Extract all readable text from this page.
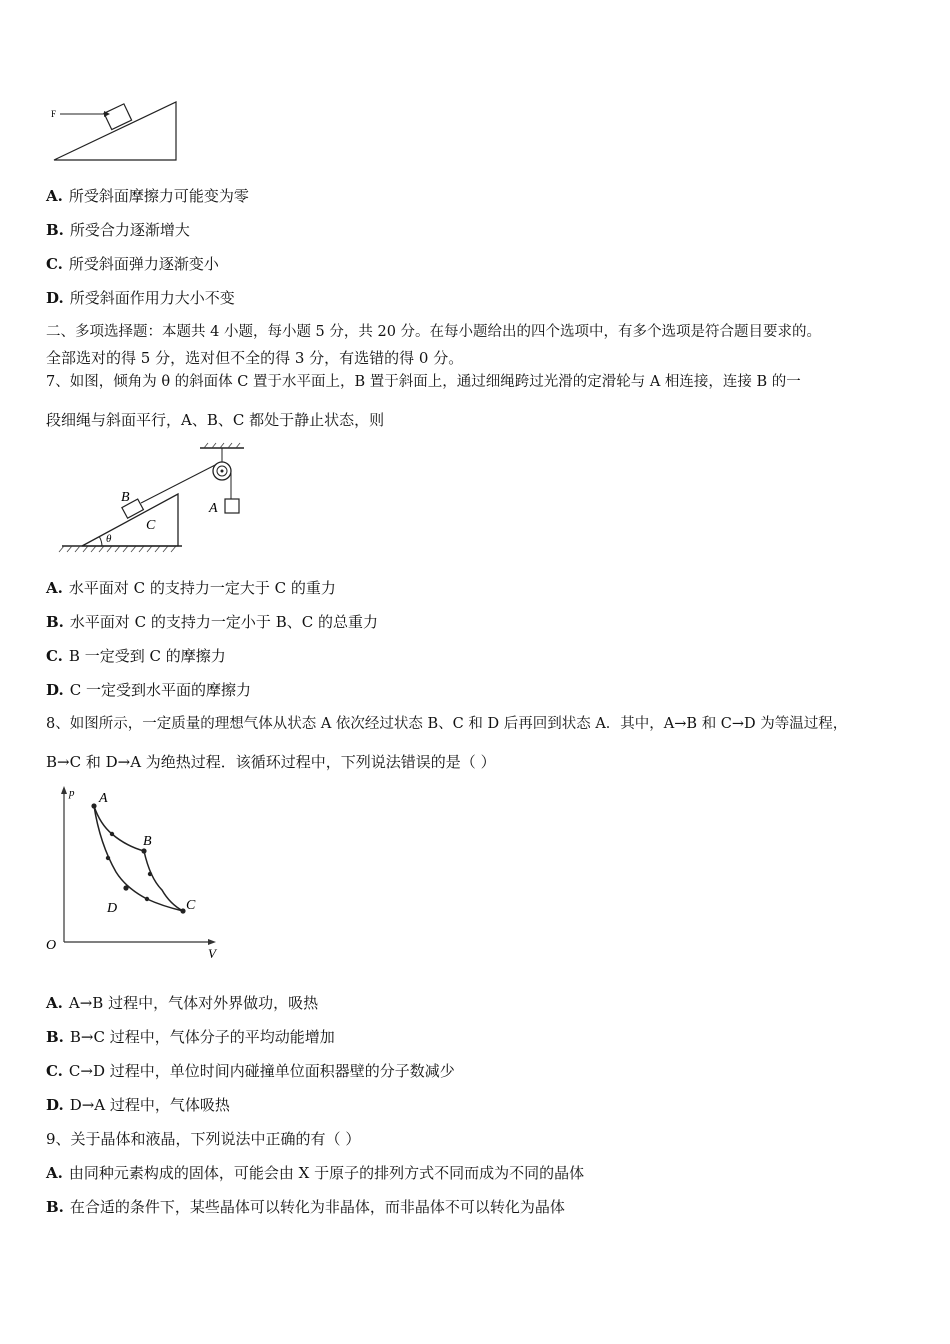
F
A. 所受斜面摩擦力可能变为零
B. 所受合力逐渐增大
C. 所受斜面弹力逐渐变小
D. 所受斜面作用力大小不变
二、多项选择题：本题共 4 小题，每小题 5 分，共 20 分。在每小题给出的四个选项中，有多个选项是符合题目要求的。
全部选对的得 5 分，选对但不全的得 3 分，有选错的得 0 分。
7、如图，倾角为 θ 的斜面体 C 置于水平面上，B 置于斜面上，通过细绳跨过光滑的定滑轮与 A 相连接，连接 B 的一
段细绳与斜面平行，A、B、C 都处于静止状态，则
B
C
A
θ
A. 水平面对 C 的支持力一定大于 C 的重力
B. 水平面对 C 的支持力一定小于 B、C 的总重力
C. B 一定受到 C 的摩擦力
D. C 一定受到水平面的摩擦力
8、如图所示，一定质量的理想气体从状态 A 依次经过状态 B、C 和 D 后再回到状态 A．其中，A→B 和 C→D 为等温过程，
B→C 和 D→A 为绝热过程．该循环过程中，下列说法错误的是（ ）
p
V
O
A
B
C
D
A. A→B 过程中，气体对外界做功，吸热
B. B→C 过程中，气体分子的平均动能增加
C. C→D 过程中，单位时间内碰撞单位面积器壁的分子数减少
D. D→A 过程中，气体吸热
9、关于晶体和液晶，下列说法中正确的有（ ）
A. 由同种元素构成的固体，可能会由 X 于原子的排列方式不同而成为不同的晶体
B. 在合适的条件下，某些晶体可以转化为非晶体，而非晶体不可以转化为晶体
